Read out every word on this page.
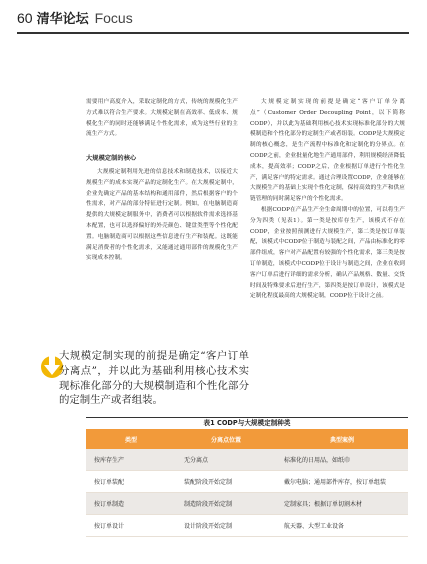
60 清华论坛 Focus

需要用户高度介入，采取定制化的方式，传统的规模化生产方式难以符合生产要求。大规模定制在高效率、低成本、规模化生产的同时还能够满足个性化需求，成为这些行业的主流生产方式。

大规模定制的核心

大规模定制利用先进的信息技术和制造技术，以接近大规模生产的成本实现产品的定制化生产。在大规模定制中，企业先确定产品的基本结构和通用部件，然后根据客户的个性需求，对产品的部分特征进行定制。例如，在电脑制造商提供的大规模定制服务中，消费者可以根据软件需求选择基本配置，也可以选择偏好的外壳颜色、键盘类型等个性化配置。电脑制造商可以根据这些信息进行生产和装配。这既能满足消费者的个性化需求，又能通过通用部件的规模化生产实现成本控制。

大规模定制实现的前提是确定“客户订单分离点”（Customer Order Decoupling Point，以下简称CODP），并以此为基础利用核心技术实现标准化部分的大规模制造和个性化部分的定制生产或者组装。CODP是大规模定制的核心概念，是生产流程中标准化和定制化的分界点。在CODP之前，企业批量化地生产通用部件，利用规模经济降低成本，提高效率；CODP之后，企业根据订单进行个性化生产，满足客户的特定需求。通过合理设置CODP，企业能够在大规模生产的基础上实现个性化定制，保持高效的生产和供应链管理的同时满足客户的个性化需求。

根据CODP在产品生产全生命周期中的位置，可以将生产分为四类（见表1）。第一类是按库存生产，该模式不存在CODP，企业按照预测进行大规模生产，第二类是按订单装配，该模式中CODP位于制造与装配之间，产品由标准化的零部件组成，客户对产品配置有较强的个性化需求，第三类是按订单制造，该模式中CODP位于设计与制造之间，企业在收到客户订单后进行详细的需求分析，确认产品规格、数量、交货时间及特殊要求后进行生产，第四类是按订单设计，该模式是定制化程度最高的大规模定制，CODP位于设计之前。

大规模定制实现的前提是确定“客户订单分离点”，并以此为基础利用核心技术实现标准化部分的大规模制造和个性化部分的定制生产或者组装。
表1 CODP与大规模定制种类
类型	分离点位置	典型案例
按库存生产	无分离点	标准化的日用品，如纸巾
按订单装配	装配阶段开始定制	戴尔电脑；通用部件库存，按订单组装
按订单制造	制造阶段开始定制	定制家具；根据订单切割木材
按订单设计	设计阶段开始定制	航天器、大型工业设备
